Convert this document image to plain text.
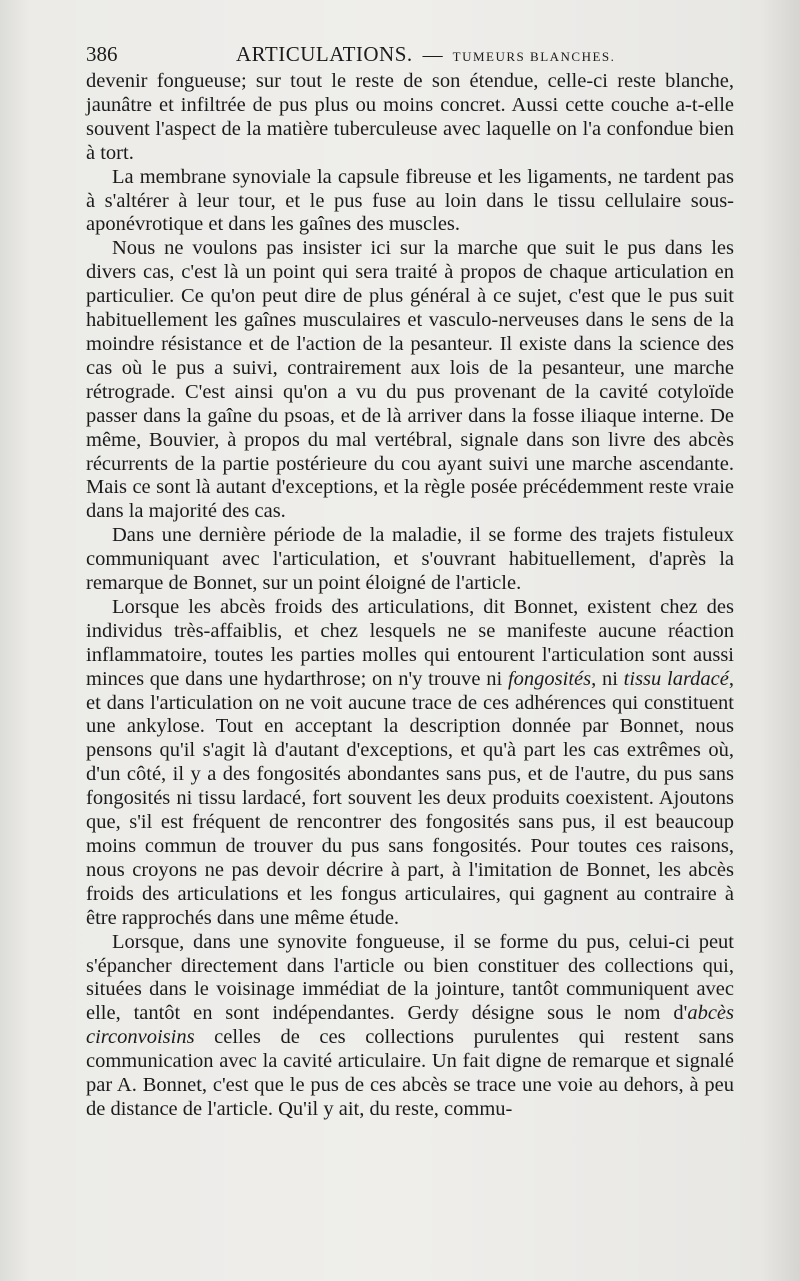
386	ARTICULATIONS. — TUMEURS BLANCHES.

devenir fongueuse; sur tout le reste de son étendue, celle-ci reste blanche, jaunâtre et infiltrée de pus plus ou moins concret. Aussi cette couche a-t-elle souvent l'aspect de la matière tuberculeuse avec laquelle on l'a confondue bien à tort.

La membrane synoviale la capsule fibreuse et les ligaments, ne tardent pas à s'altérer à leur tour, et le pus fuse au loin dans le tissu cellulaire sous-aponévrotique et dans les gaînes des muscles.

Nous ne voulons pas insister ici sur la marche que suit le pus dans les divers cas, c'est là un point qui sera traité à propos de chaque articulation en particulier. Ce qu'on peut dire de plus général à ce sujet, c'est que le pus suit habituellement les gaînes musculaires et vasculo-nerveuses dans le sens de la moindre résistance et de l'action de la pesanteur. Il existe dans la science des cas où le pus a suivi, contrairement aux lois de la pesanteur, une marche rétrograde. C'est ainsi qu'on a vu du pus provenant de la cavité cotyloïde passer dans la gaîne du psoas, et de là arriver dans la fosse iliaque interne. De même, Bouvier, à propos du mal vertébral, signale dans son livre des abcès récurrents de la partie postérieure du cou ayant suivi une marche ascendante. Mais ce sont là autant d'exceptions, et la règle posée précédemment reste vraie dans la majorité des cas.

Dans une dernière période de la maladie, il se forme des trajets fistuleux communiquant avec l'articulation, et s'ouvrant habituellement, d'après la remarque de Bonnet, sur un point éloigné de l'article.

Lorsque les abcès froids des articulations, dit Bonnet, existent chez des individus très-affaiblis, et chez lesquels ne se manifeste aucune réaction inflammatoire, toutes les parties molles qui entourent l'articulation sont aussi minces que dans une hydarthrose; on n'y trouve ni fongosités, ni tissu lardacé, et dans l'articulation on ne voit aucune trace de ces adhérences qui constituent une ankylose. Tout en acceptant la description donnée par Bonnet, nous pensons qu'il s'agit là d'autant d'exceptions, et qu'à part les cas extrêmes où, d'un côté, il y a des fongosités abondantes sans pus, et de l'autre, du pus sans fongosités ni tissu lardacé, fort souvent les deux produits coexistent. Ajoutons que, s'il est fréquent de rencontrer des fongosités sans pus, il est beaucoup moins commun de trouver du pus sans fongosités. Pour toutes ces raisons, nous croyons ne pas devoir décrire à part, à l'imitation de Bonnet, les abcès froids des articulations et les fongus articulaires, qui gagnent au contraire à être rapprochés dans une même étude.

Lorsque, dans une synovite fongueuse, il se forme du pus, celui-ci peut s'épancher directement dans l'article ou bien constituer des collections qui, situées dans le voisinage immédiat de la jointure, tantôt communiquent avec elle, tantôt en sont indépendantes. Gerdy désigne sous le nom d'abcès circonvoisins celles de ces collections purulentes qui restent sans communication avec la cavité articulaire. Un fait digne de remarque et signalé par A. Bonnet, c'est que le pus de ces abcès se trace une voie au dehors, à peu de distance de l'article. Qu'il y ait, du reste, commu-
